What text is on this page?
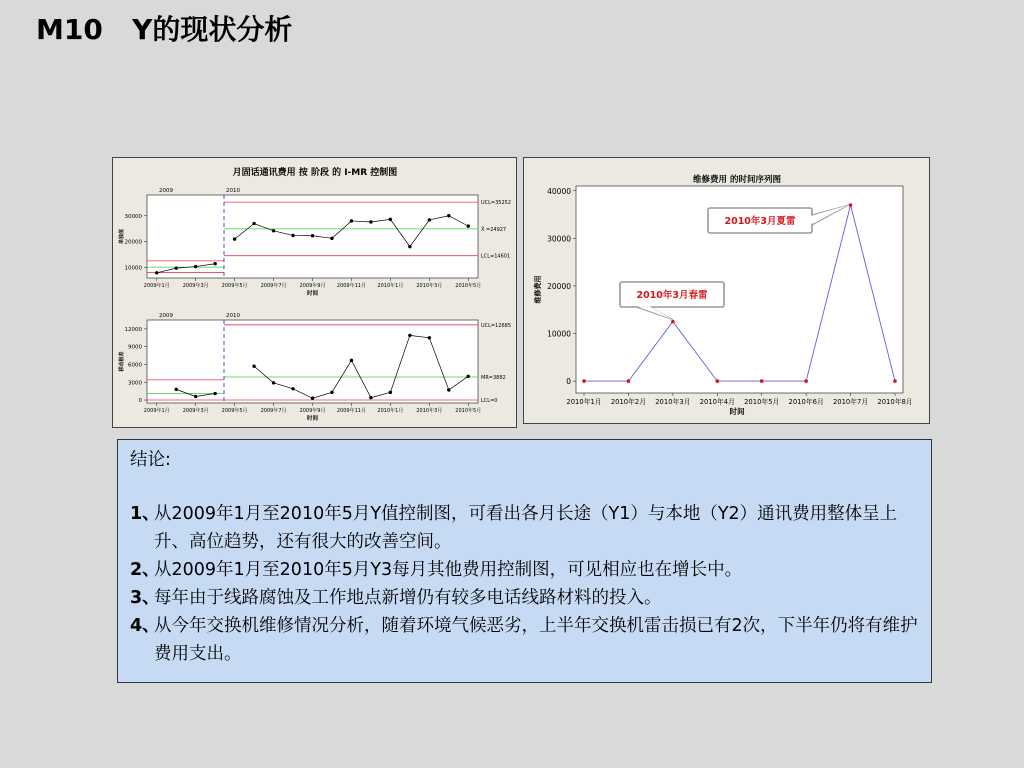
M10   Y的现状分析
月固话通讯费用 按 阶段 的 I-MR 控制图
2009	2010
UCL=35252
X̄ =24927
LCL=14601
10000
20000
30000
单独值
2009年1月	2009年3月	2009年5月	2009年7月	2009年9月 2009年11月 2010年1月	2010年3月	2010年5月
时间
2009	2010
UCL=12685
MR=3882
LCL=0
0
3000
6000
9000
12000
移动极差
2009年1月	2009年3月	2009年5月	2009年7月	2009年9月 2009年11月 2010年1月	2010年3月	2010年5月
时间
维修费用 的时间序列图
0
10000
20000
30000
40000
维修费用
2010年1月 2010年2月 2010年3月 2010年4月 2010年5月 2010年6月 2010年7月 2010年8月
时间
2010年3月夏雷
2010年3月春雷
结论:
1、
从2009年1月至2010年5月Y值控制图，可看出各月长途（Y1）与本地（Y2）通讯费用整体呈上升、高位趋势，还有很大的改善空间。
2、
从2009年1月至2010年5月Y3每月其他费用控制图，可见相应也在增长中。
3、
每年由于线路腐蚀及工作地点新增仍有较多电话线路材料的投入。
4、
从今年交换机维修情况分析，随着环境气候恶劣，上半年交换机雷击损已有2次，下半年仍将有维护费用支出。
